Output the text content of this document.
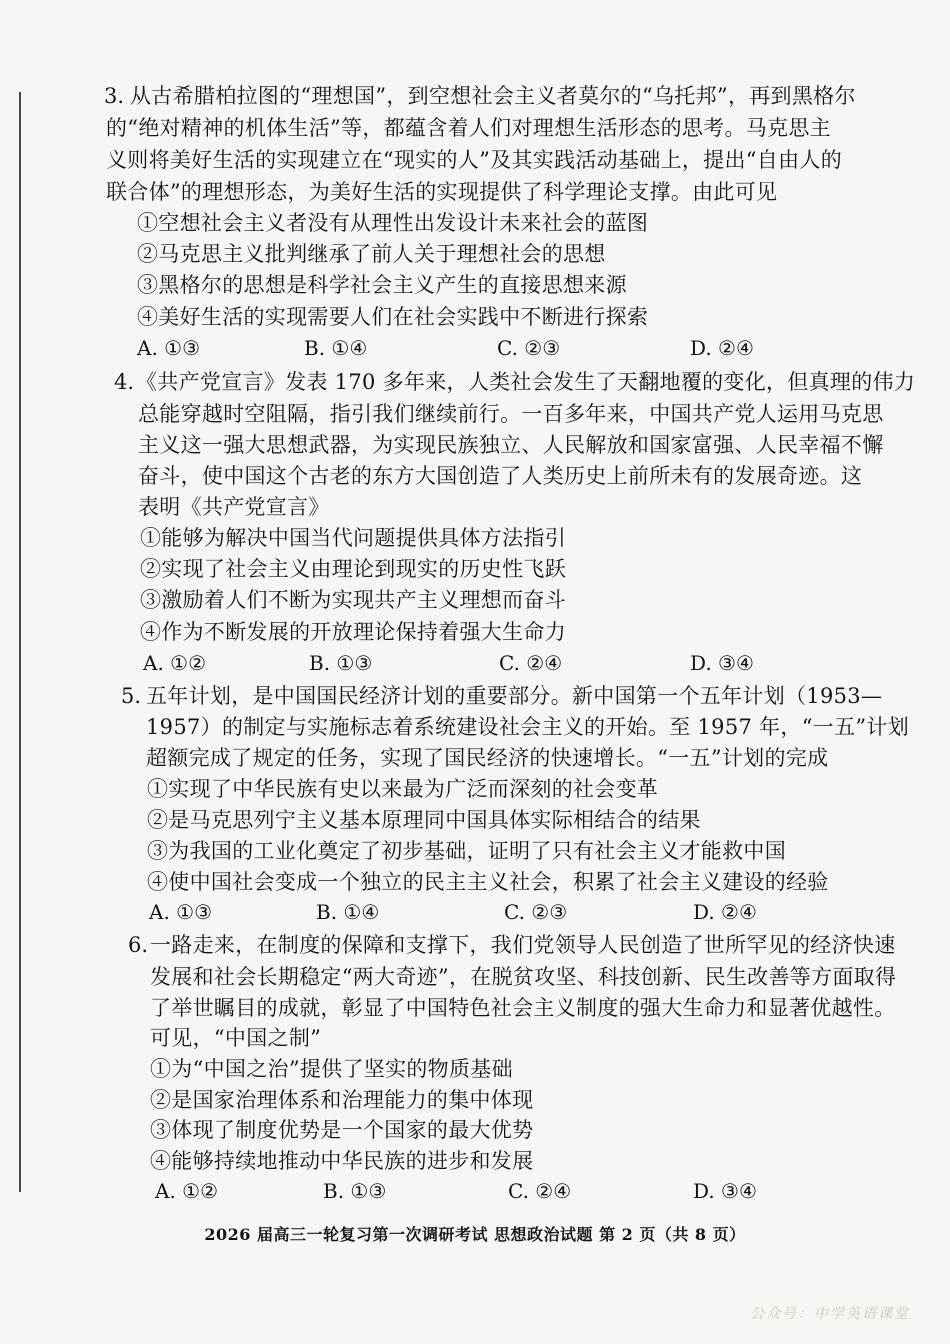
3. 从古希腊柏拉图的“理想国”，到空想社会主义者莫尔的“乌托邦”，再到黑格尔
的“绝对精神的机体生活”等，都蕴含着人们对理想生活形态的思考。马克思主
义则将美好生活的实现建立在“现实的人”及其实践活动基础上，提出“自由人的
联合体”的理想形态，为美好生活的实现提供了科学理论支撑。由此可见
①空想社会主义者没有从理性出发设计未来社会的蓝图
②马克思主义批判继承了前人关于理想社会的思想
③黑格尔的思想是科学社会主义产生的直接思想来源
④美好生活的实现需要人们在社会实践中不断进行探索
A. ①③	B. ①④	C. ②③	D. ②④
4. 《共产党宣言》发表 170 多年来，人类社会发生了天翻地覆的变化，但真理的伟力
总能穿越时空阻隔，指引我们继续前行。一百多年来，中国共产党人运用马克思
主义这一强大思想武器，为实现民族独立、人民解放和国家富强、人民幸福不懈
奋斗，使中国这个古老的东方大国创造了人类历史上前所未有的发展奇迹。这
表明《共产党宣言》
①能够为解决中国当代问题提供具体方法指引
②实现了社会主义由理论到现实的历史性飞跃
③激励着人们不断为实现共产主义理想而奋斗
④作为不断发展的开放理论保持着强大生命力
A. ①②	B. ①③	C. ②④	D. ③④
5. 五年计划，是中国国民经济计划的重要部分。新中国第一个五年计划（1953—
1957）的制定与实施标志着系统建设社会主义的开始。至 1957 年，“一五”计划
超额完成了规定的任务，实现了国民经济的快速增长。“一五”计划的完成
①实现了中华民族有史以来最为广泛而深刻的社会变革
②是马克思列宁主义基本原理同中国具体实际相结合的结果
③为我国的工业化奠定了初步基础，证明了只有社会主义才能救中国
④使中国社会变成一个独立的民主主义社会，积累了社会主义建设的经验
A. ①③	B. ①④	C. ②③	D. ②④
6. 一路走来，在制度的保障和支撑下，我们党领导人民创造了世所罕见的经济快速
发展和社会长期稳定“两大奇迹”，在脱贫攻坚、科技创新、民生改善等方面取得
了举世瞩目的成就，彰显了中国特色社会主义制度的强大生命力和显著优越性。
可见，“中国之制”
①为“中国之治”提供了坚实的物质基础
②是国家治理体系和治理能力的集中体现
③体现了制度优势是一个国家的最大优势
④能够持续地推动中华民族的进步和发展
A. ①②	B. ①③	C. ②④	D. ③④
2026 届高三一轮复习第一次调研考试 思想政治试题 第 2 页（共 8 页）
公众号：中学英语课堂
